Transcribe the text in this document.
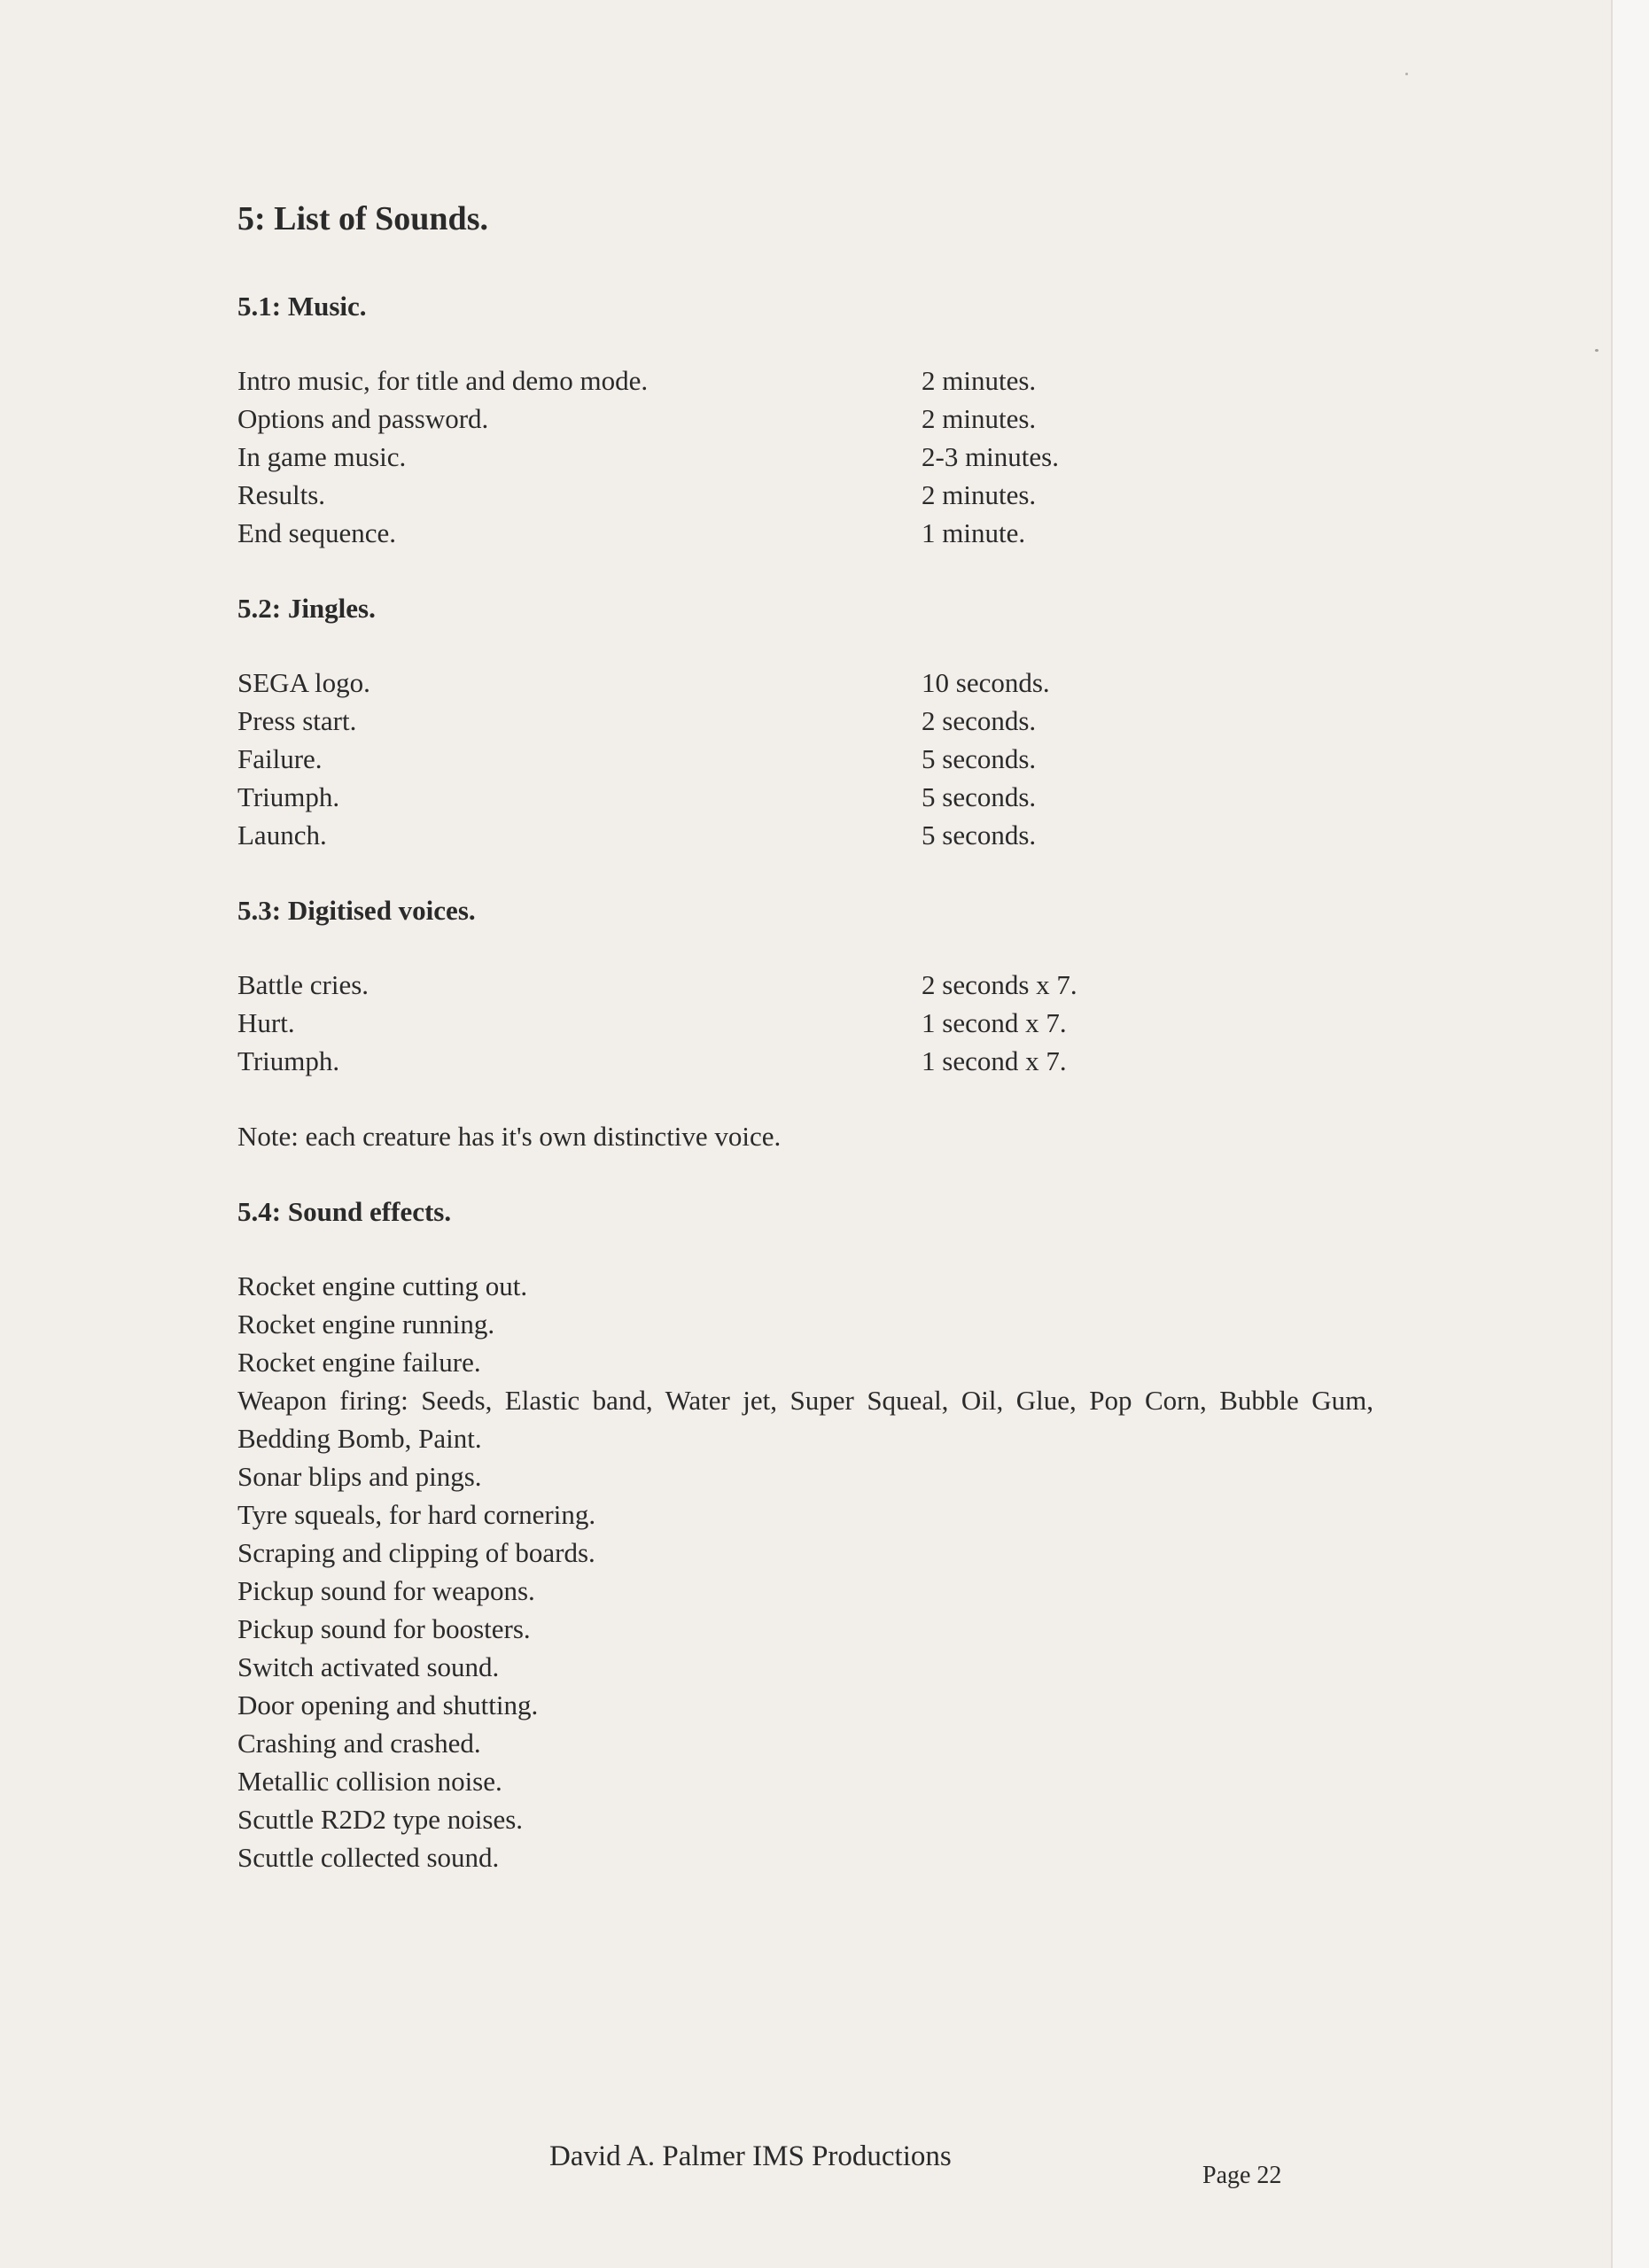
5: List of Sounds.
5.1: Music.
Intro music, for title and demo mode.	2 minutes.
Options and password.	2 minutes.
In game music.	2-3 minutes.
Results.	2 minutes.
End sequence.	1 minute.
5.2: Jingles.
SEGA logo.	10 seconds.
Press start.	2 seconds.
Failure.	5 seconds.
Triumph.	5 seconds.
Launch.	5 seconds.
5.3: Digitised voices.
Battle cries.	2 seconds x 7.
Hurt.	1 second x 7.
Triumph.	1 second x 7.
Note: each creature has it's own distinctive voice.
5.4: Sound effects.
Rocket engine cutting out.
Rocket engine running.
Rocket engine failure.
Weapon firing: Seeds, Elastic band, Water jet, Super Squeal, Oil, Glue, Pop Corn, Bubble Gum, Bedding Bomb, Paint.
Sonar blips and pings.
Tyre squeals, for hard cornering.
Scraping and clipping of boards.
Pickup sound for weapons.
Pickup sound for boosters.
Switch activated sound.
Door opening and shutting.
Crashing and crashed.
Metallic collision noise.
Scuttle R2D2 type noises.
Scuttle collected sound.
David A. Palmer IMS Productions
Page 22
